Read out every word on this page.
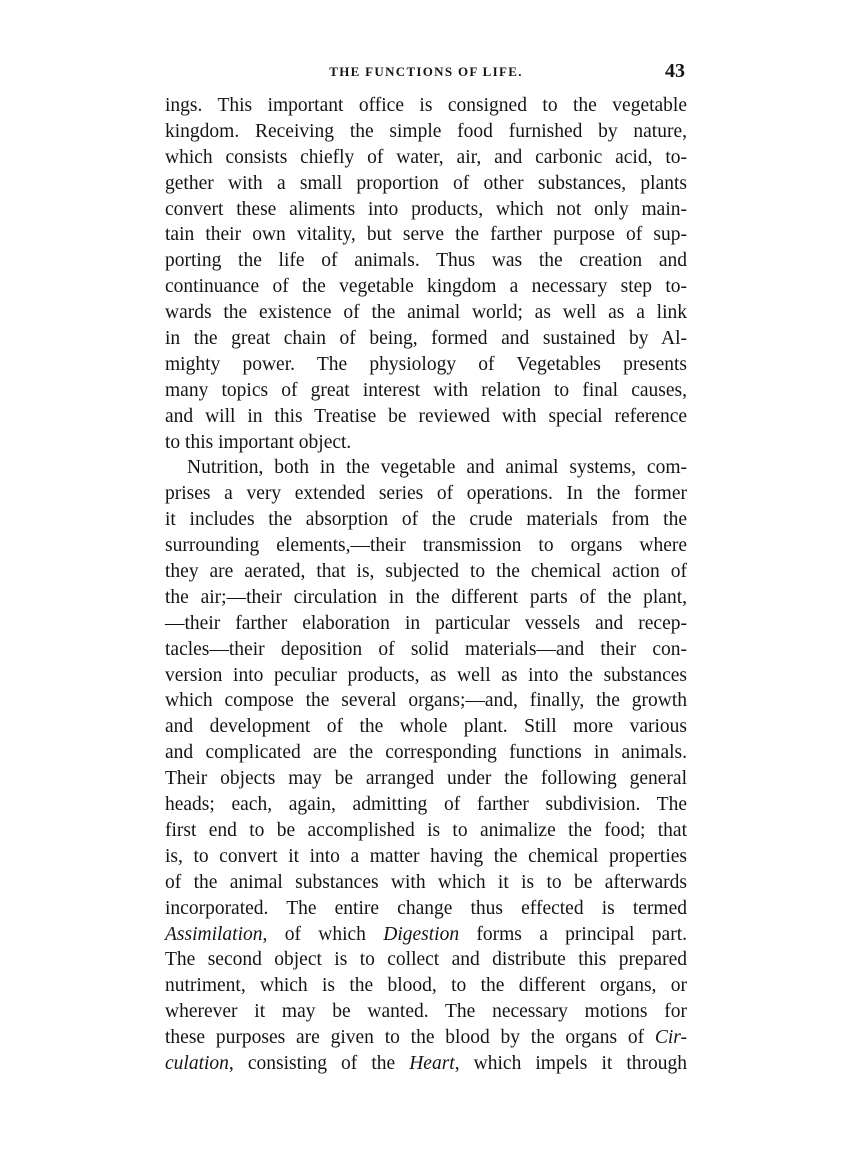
THE FUNCTIONS OF LIFE.	43
ings. This important office is consigned to the vegetable
kingdom. Receiving the simple food furnished by nature,
which consists chiefly of water, air, and carbonic acid, to-
gether with a small proportion of other substances, plants
convert these aliments into products, which not only main-
tain their own vitality, but serve the farther purpose of sup-
porting the life of animals. Thus was the creation and
continuance of the vegetable kingdom a necessary step to-
wards the existence of the animal world; as well as a link
in the great chain of being, formed and sustained by Al-
mighty power. The physiology of Vegetables presents
many topics of great interest with relation to final causes,
and will in this Treatise be reviewed with special reference
to this important object.
Nutrition, both in the vegetable and animal systems, com-
prises a very extended series of operations. In the former
it includes the absorption of the crude materials from the
surrounding elements,—their transmission to organs where
they are aerated, that is, subjected to the chemical action of
the air;—their circulation in the different parts of the plant,
—their farther elaboration in particular vessels and recep-
tacles—their deposition of solid materials—and their con-
version into peculiar products, as well as into the substances
which compose the several organs;—and, finally, the growth
and development of the whole plant. Still more various
and complicated are the corresponding functions in animals.
Their objects may be arranged under the following general
heads; each, again, admitting of farther subdivision. The
first end to be accomplished is to animalize the food; that
is, to convert it into a matter having the chemical properties
of the animal substances with which it is to be afterwards
incorporated. The entire change thus effected is termed
Assimilation, of which Digestion forms a principal part.
The second object is to collect and distribute this prepared
nutriment, which is the blood, to the different organs, or
wherever it may be wanted. The necessary motions for
these purposes are given to the blood by the organs of Cir-
culation, consisting of the Heart, which impels it through
